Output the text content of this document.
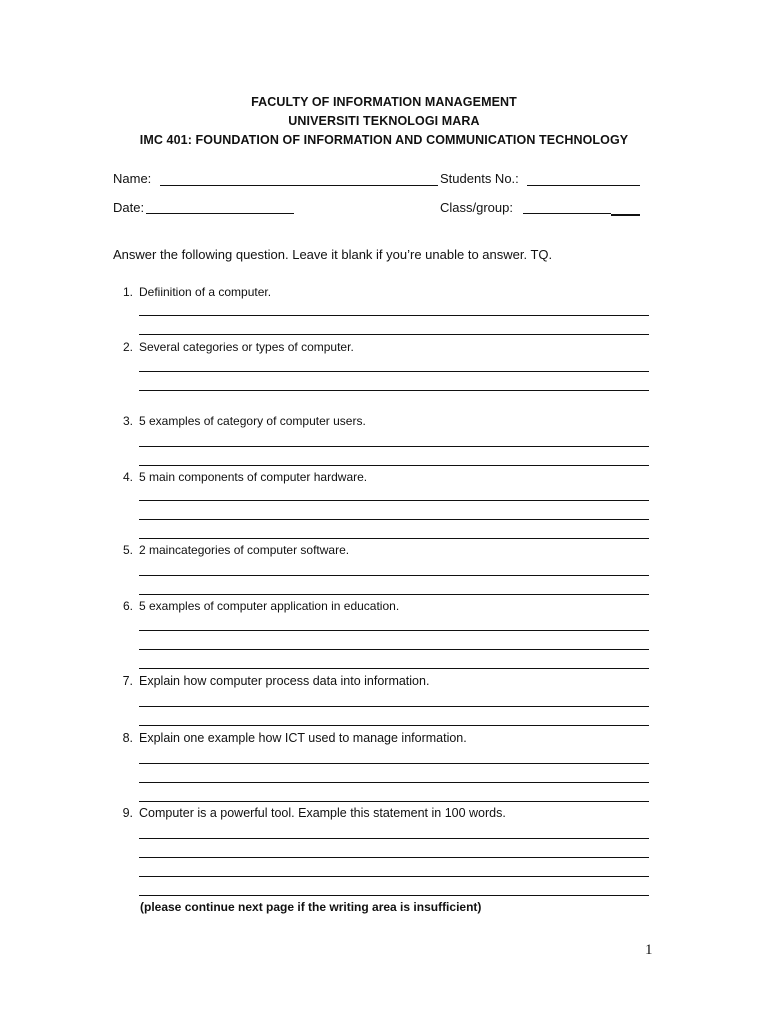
FACULTY OF INFORMATION MANAGEMENT
UNIVERSITI TEKNOLOGI MARA
IMC 401: FOUNDATION OF INFORMATION AND COMMUNICATION TECHNOLOGY
Name:	Students No.:
Date:	Class/group:
Answer the following question. Leave it blank if you’re unable to answer. TQ.
1. Defiinition of a computer.
2. Several categories or types of computer.
3. 5 examples of category of computer users.
4. 5 main components of computer hardware.
5. 2 maincategories of computer software.
6. 5 examples of computer application in education.
7. Explain how computer process data into information.
8. Explain one example how ICT used to manage information.
9. Computer is a powerful tool. Example this statement in 100 words.
(please continue next page if the writing area is insufficient)
1
